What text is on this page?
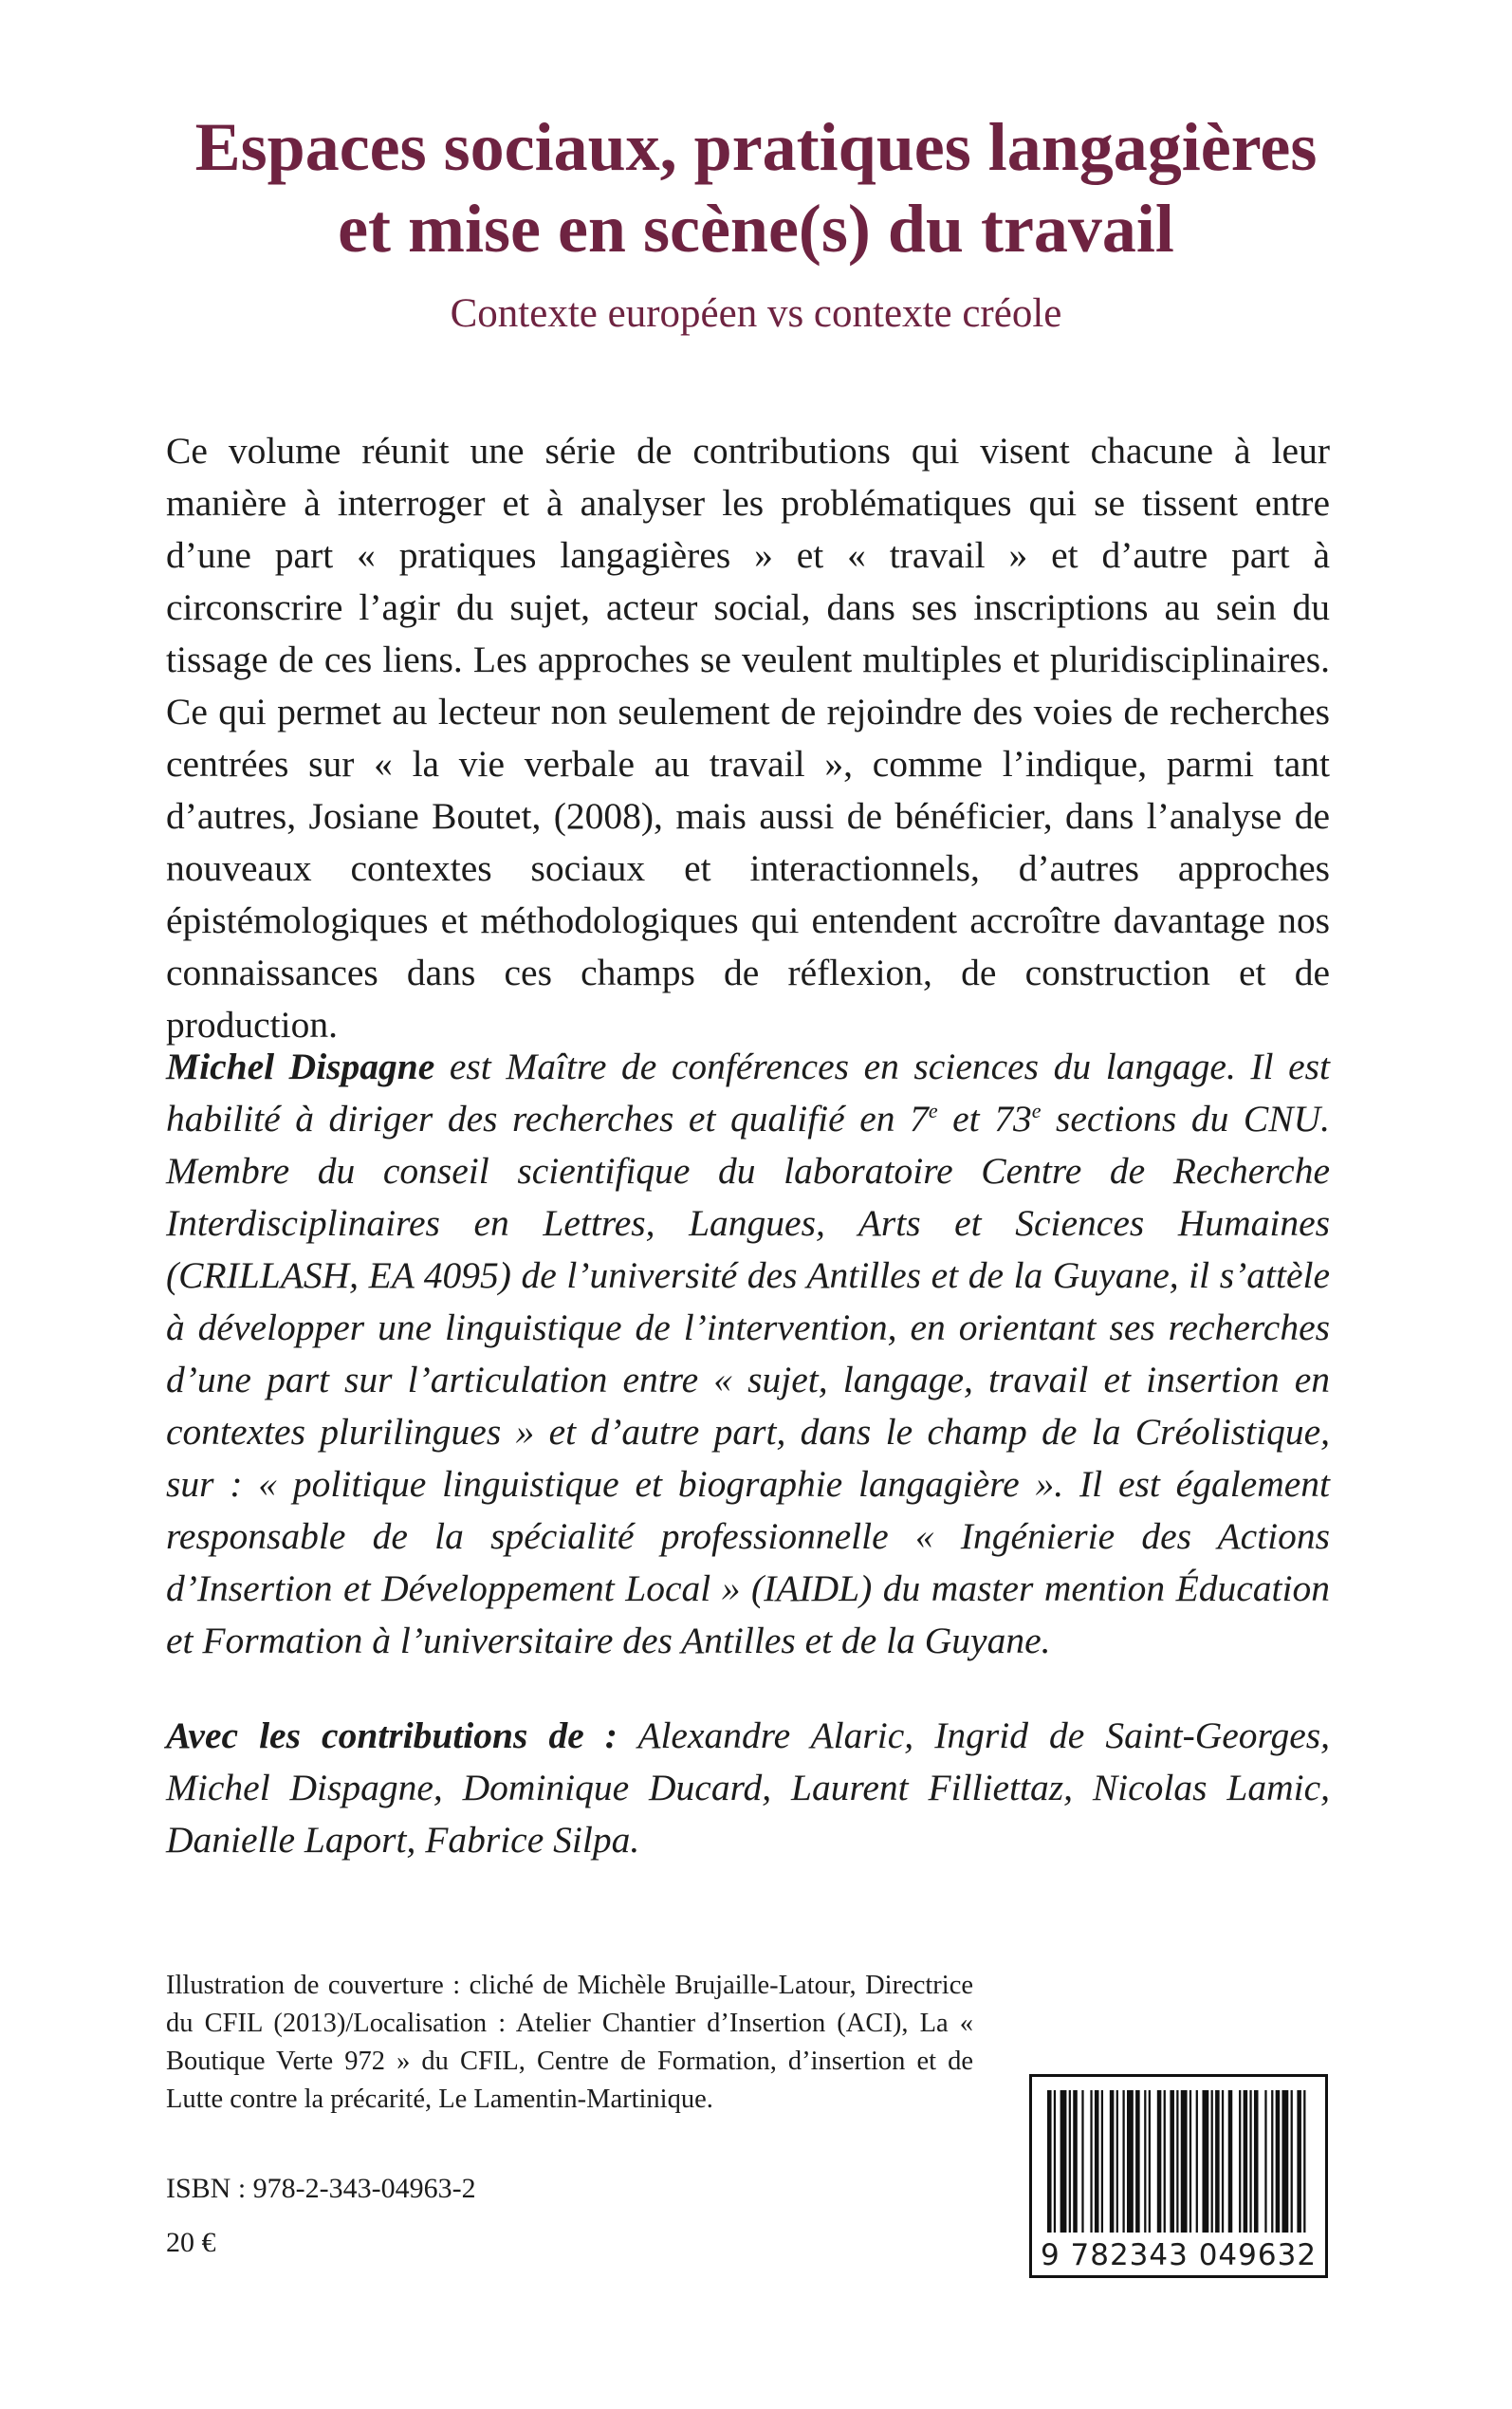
Espaces sociaux, pratiques langagières
et mise en scène(s) du travail

Contexte européen vs contexte créole

Ce volume réunit une série de contributions qui visent chacune à leur manière à interroger et à analyser les problématiques qui se tissent entre d’une part « pratiques langagières » et « travail » et d’autre part à circonscrire l’agir du sujet, acteur social, dans ses inscriptions au sein du tissage de ces liens. Les approches se veulent multiples et pluridisciplinaires. Ce qui permet au lecteur non seulement de rejoindre des voies de recherches centrées sur « la vie verbale au travail », comme l’indique, parmi tant d’autres, Josiane Boutet, (2008), mais aussi de bénéficier, dans l’analyse de nouveaux contextes sociaux et interactionnels, d’autres approches épistémologiques et méthodologiques qui entendent accroître davantage nos connaissances dans ces champs de réflexion, de construction et de production.

Michel Dispagne est Maître de conférences en sciences du langage. Il est habilité à diriger des recherches et qualifié en 7e et 73e sections du CNU. Membre du conseil scientifique du laboratoire Centre de Recherche Interdisciplinaires en Lettres, Langues, Arts et Sciences Humaines (CRILLASH, EA 4095) de l’université des Antilles et de la Guyane, il s’attèle à développer une linguistique de l’intervention, en orientant ses recherches d’une part sur l’articulation entre « sujet, langage, travail et insertion en contextes plurilingues » et d’autre part, dans le champ de la Créolistique, sur : « politique linguistique et biographie langagière ». Il est également responsable de la spécialité professionnelle « Ingénierie des Actions d’Insertion et Développement Local » (IAIDL) du master mention Éducation et Formation à l’universitaire des Antilles et de la Guyane.

Avec les contributions de : Alexandre Alaric, Ingrid de Saint-Georges, Michel Dispagne, Dominique Ducard, Laurent Filliettaz, Nicolas Lamic, Danielle Laport, Fabrice Silpa.

Illustration de couverture : cliché de Michèle Brujaille-Latour, Directrice du CFIL (2013)/Localisation : Atelier Chantier d’Insertion (ACI), La « Boutique Verte 972 » du CFIL, Centre de Formation, d’insertion et de Lutte contre la précarité, Le Lamentin-Martinique.

ISBN : 978-2-343-04963-2

20 €	9 782343 049632
